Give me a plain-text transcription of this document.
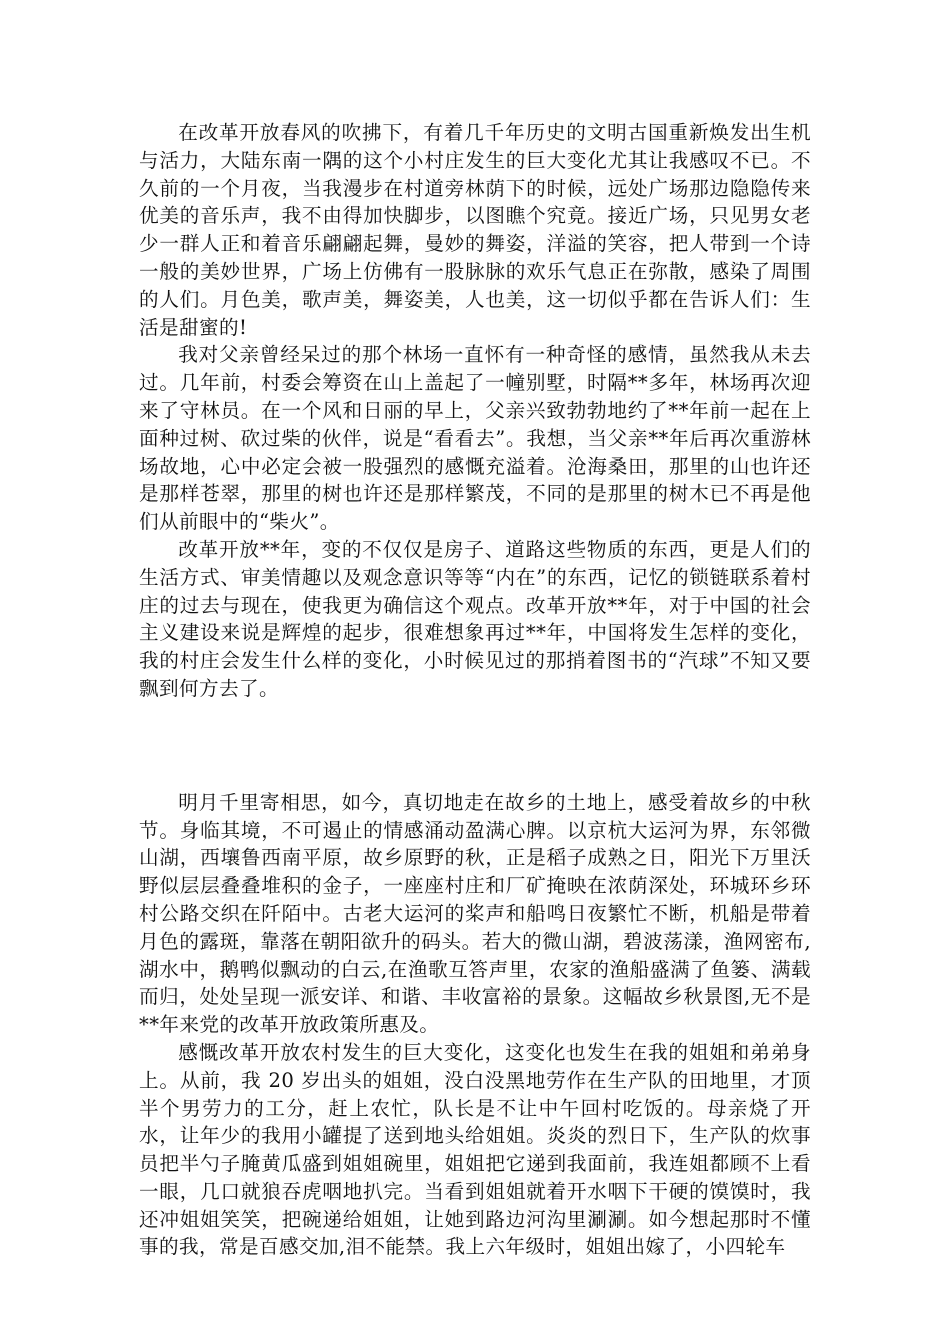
在改革开放春风的吹拂下，有着几千年历史的文明古国重新焕发出生机与活力，大陆东南一隅的这个小村庄发生的巨大变化尤其让我感叹不已。不久前的一个月夜，当我漫步在村道旁林荫下的时候，远处广场那边隐隐传来优美的音乐声，我不由得加快脚步，以图瞧个究竟。接近广场，只见男女老少一群人正和着音乐翩翩起舞，曼妙的舞姿，洋溢的笑容，把人带到一个诗一般的美妙世界，广场上仿佛有一股脉脉的欢乐气息正在弥散，感染了周围的人们。月色美，歌声美，舞姿美，人也美，这一切似乎都在告诉人们：生活是甜蜜的!

我对父亲曾经呆过的那个林场一直怀有一种奇怪的感情，虽然我从未去过。几年前，村委会筹资在山上盖起了一幢别墅，时隔**多年，林场再次迎来了守林员。在一个风和日丽的早上，父亲兴致勃勃地约了**年前一起在上面种过树、砍过柴的伙伴，说是“看看去”。我想，当父亲**年后再次重游林场故地，心中必定会被一股强烈的感慨充溢着。沧海桑田，那里的山也许还是那样苍翠，那里的树也许还是那样繁茂，不同的是那里的树木已不再是他们从前眼中的“柴火”。

改革开放**年，变的不仅仅是房子、道路这些物质的东西，更是人们的生活方式、审美情趣以及观念意识等等“内在”的东西，记忆的锁链联系着村庄的过去与现在，使我更为确信这个观点。改革开放**年，对于中国的社会主义建设来说是辉煌的起步，很难想象再过**年，中国将发生怎样的变化，我的村庄会发生什么样的变化，小时候见过的那捎着图书的“汽球”不知又要飘到何方去了。

明月千里寄相思，如今，真切地走在故乡的土地上，感受着故乡的中秋节。身临其境，不可遏止的情感涌动盈满心脾。以京杭大运河为界，东邻微山湖，西壤鲁西南平原，故乡原野的秋，正是稻子成熟之日，阳光下万里沃野似层层叠叠堆积的金子，一座座村庄和厂矿掩映在浓荫深处，环城环乡环村公路交织在阡陌中。古老大运河的桨声和船鸣日夜繁忙不断，机船是带着月色的露斑，靠落在朝阳欲升的码头。若大的微山湖，碧波荡漾，渔网密布,湖水中，鹅鸭似飘动的白云,在渔歌互答声里，农家的渔船盛满了鱼篓、满载而归，处处呈现一派安详、和谐、丰收富裕的景象。这幅故乡秋景图,无不是**年来党的改革开放政策所惠及。

感慨改革开放农村发生的巨大变化，这变化也发生在我的姐姐和弟弟身上。从前，我 20 岁出头的姐姐，没白没黑地劳作在生产队的田地里，才顶半个男劳力的工分，赶上农忙，队长是不让中午回村吃饭的。母亲烧了开水，让年少的我用小罐提了送到地头给姐姐。炎炎的烈日下，生产队的炊事员把半勺子腌黄瓜盛到姐姐碗里，姐姐把它递到我面前，我连姐都顾不上看一眼，几口就狼吞虎咽地扒完。当看到姐姐就着开水咽下干硬的馍馍时，我还冲姐姐笑笑，把碗递给姐姐，让她到路边河沟里涮涮。如今想起那时不懂事的我，常是百感交加,泪不能禁。我上六年级时，姐姐出嫁了，小四轮车
